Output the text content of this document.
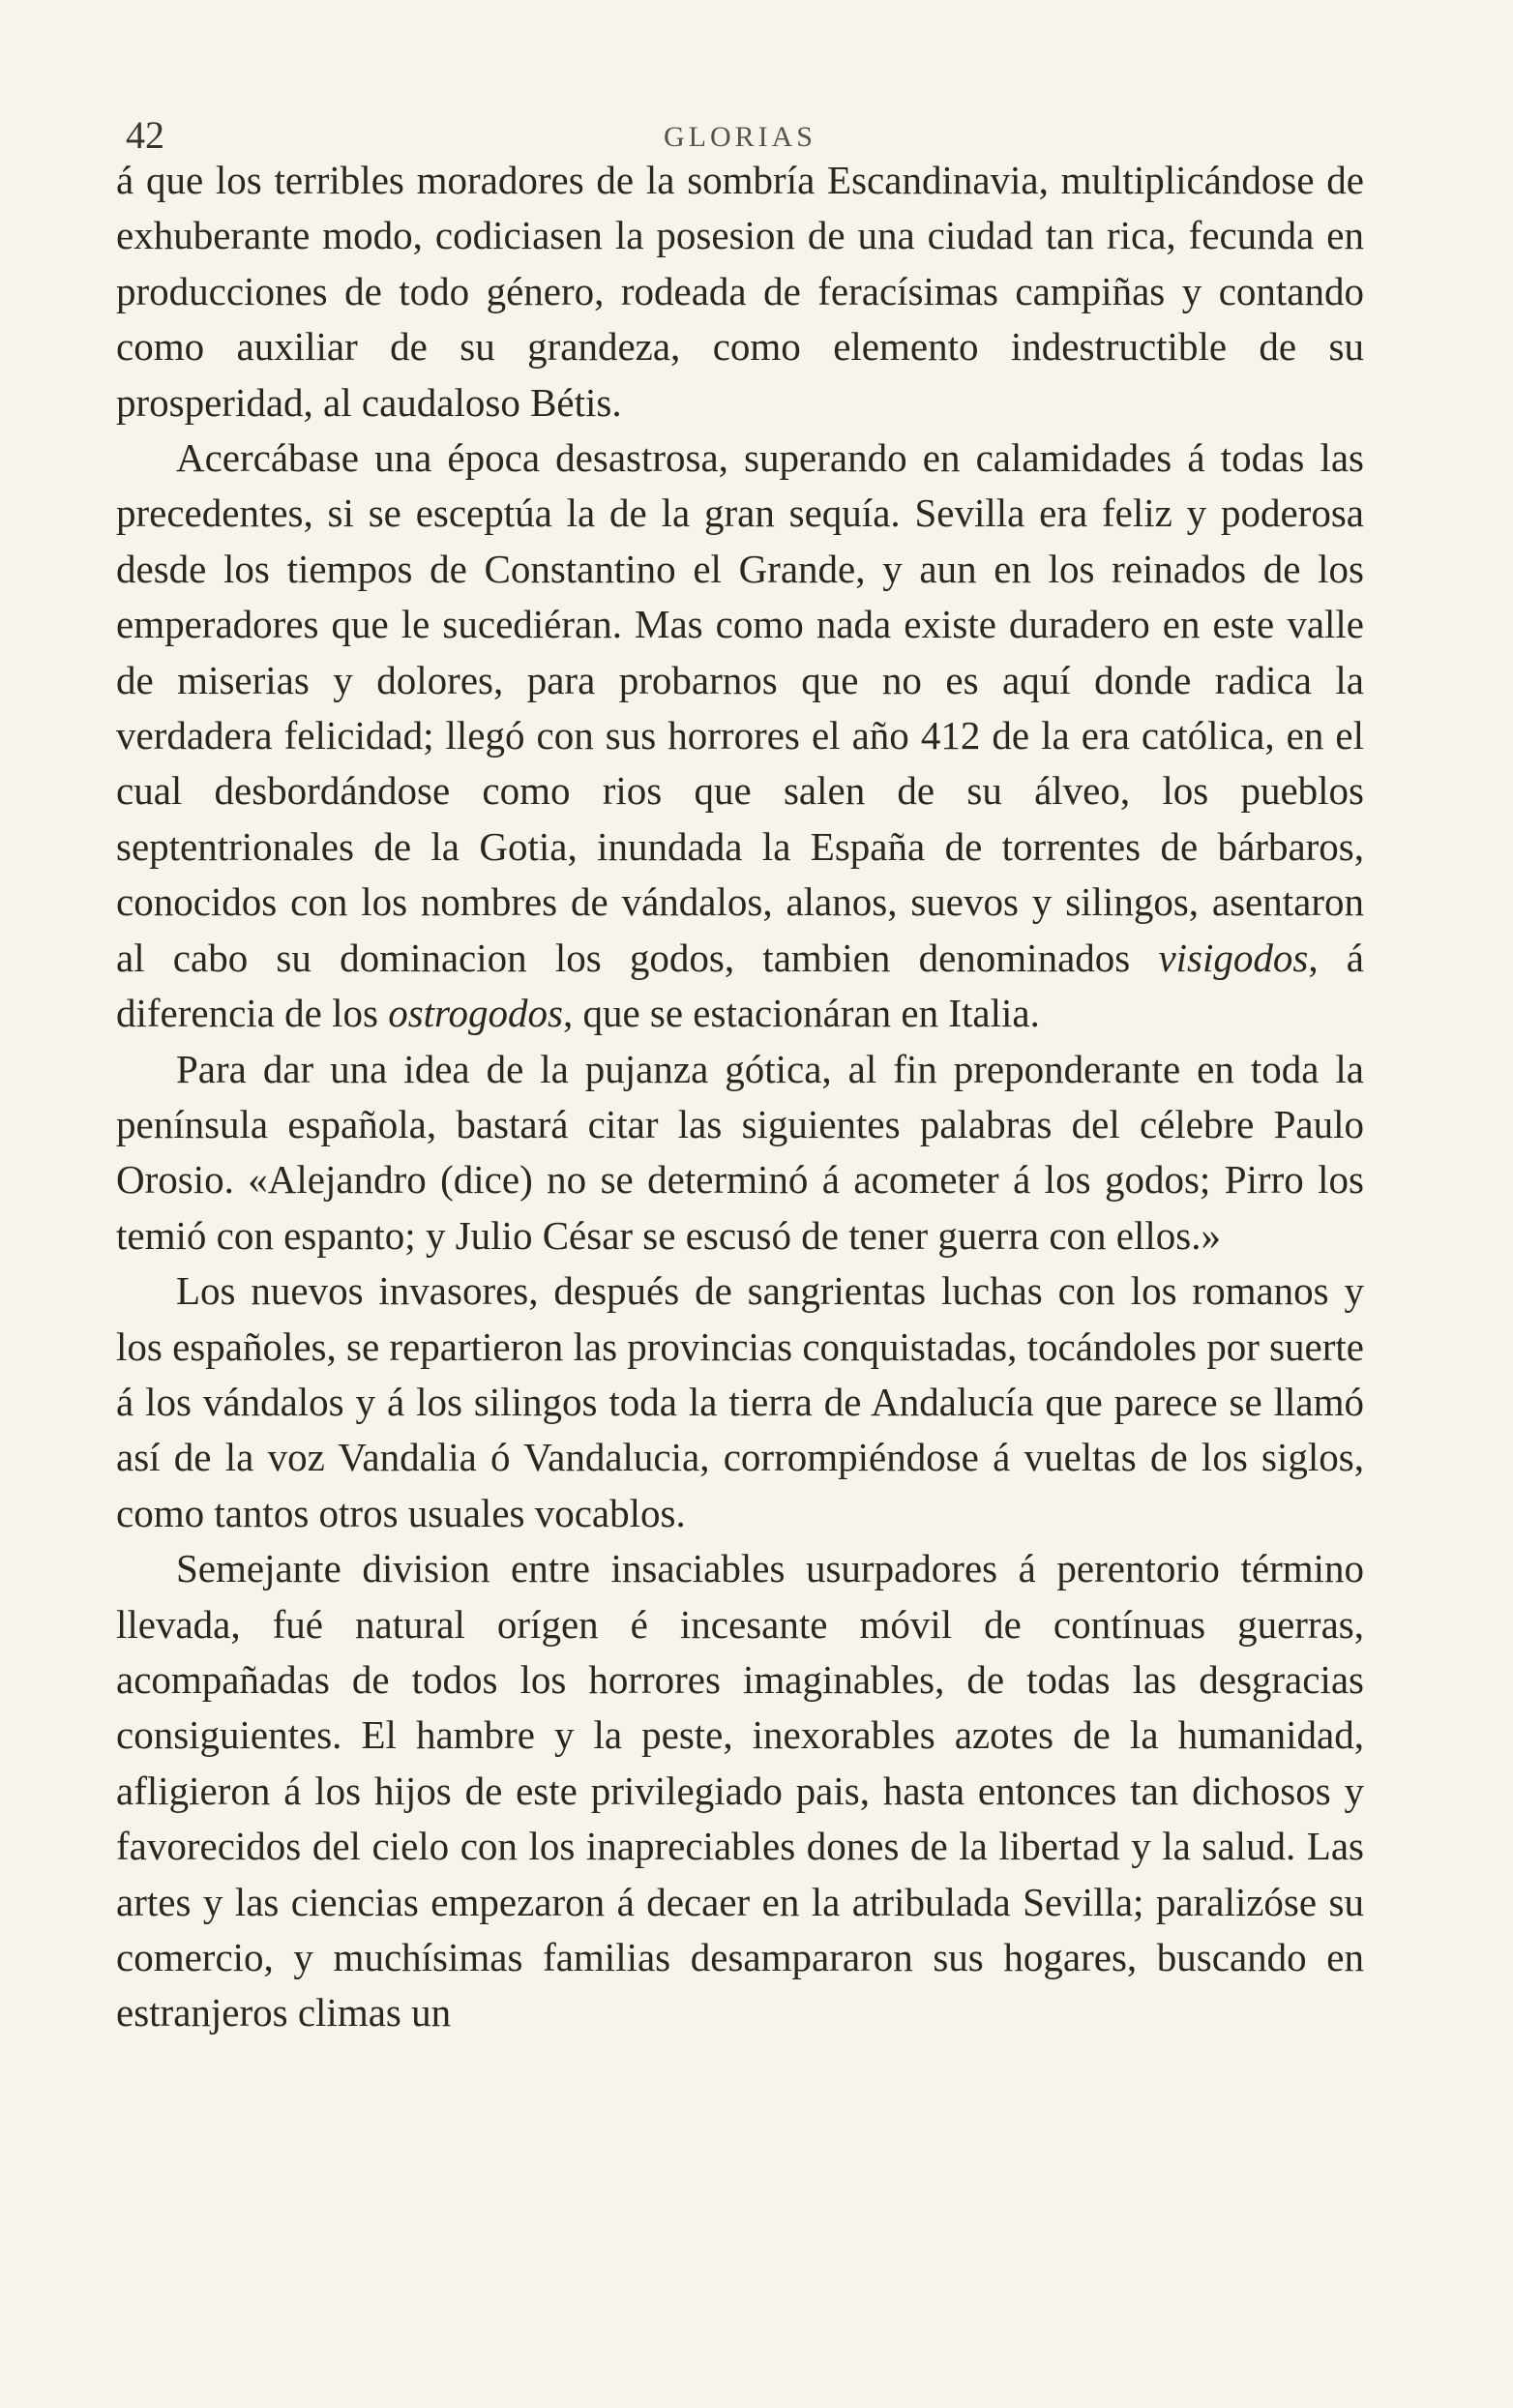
42	GLORIAS

á que los terribles moradores de la sombría Escandinavia, multiplicándose de exhuberante modo, codiciasen la posesion de una ciudad tan rica, fecunda en producciones de todo género, rodeada de feracísimas campiñas y contando como auxiliar de su grandeza, como elemento indestructible de su prosperidad, al caudaloso Bétis.

Acercábase una época desastrosa, superando en calamidades á todas las precedentes, si se esceptúa la de la gran sequía. Sevilla era feliz y poderosa desde los tiempos de Constantino el Grande, y aun en los reinados de los emperadores que le sucediéran. Mas como nada existe duradero en este valle de miserias y dolores, para probarnos que no es aquí donde radica la verdadera felicidad; llegó con sus horrores el año 412 de la era católica, en el cual desbordándose como rios que salen de su álveo, los pueblos septentrionales de la Gotia, inundada la España de torrentes de bárbaros, conocidos con los nombres de vándalos, alanos, suevos y silingos, asentaron al cabo su dominacion los godos, tambien denominados visigodos, á diferencia de los ostrogodos, que se estacionáran en Italia.

Para dar una idea de la pujanza gótica, al fin preponderante en toda la península española, bastará citar las siguientes palabras del célebre Paulo Orosio. «Alejandro (dice) no se determinó á acometer á los godos; Pirro los temió con espanto; y Julio César se escusó de tener guerra con ellos.»

Los nuevos invasores, después de sangrientas luchas con los romanos y los españoles, se repartieron las provincias conquistadas, tocándoles por suerte á los vándalos y á los silingos toda la tierra de Andalucía que parece se llamó así de la voz Vandalia ó Vandalucia, corrompiéndose á vueltas de los siglos, como tantos otros usuales vocablos.

Semejante division entre insaciables usurpadores á perentorio término llevada, fué natural orígen é incesante móvil de contínuas guerras, acompañadas de todos los horrores imaginables, de todas las desgracias consiguientes. El hambre y la peste, inexorables azotes de la humanidad, afligieron á los hijos de este privilegiado pais, hasta entonces tan dichosos y favorecidos del cielo con los inapreciables dones de la libertad y la salud. Las artes y las ciencias empezaron á decaer en la atribulada Sevilla; paralizóse su comercio, y muchísimas familias desampararon sus hogares, buscando en estranjeros climas un
